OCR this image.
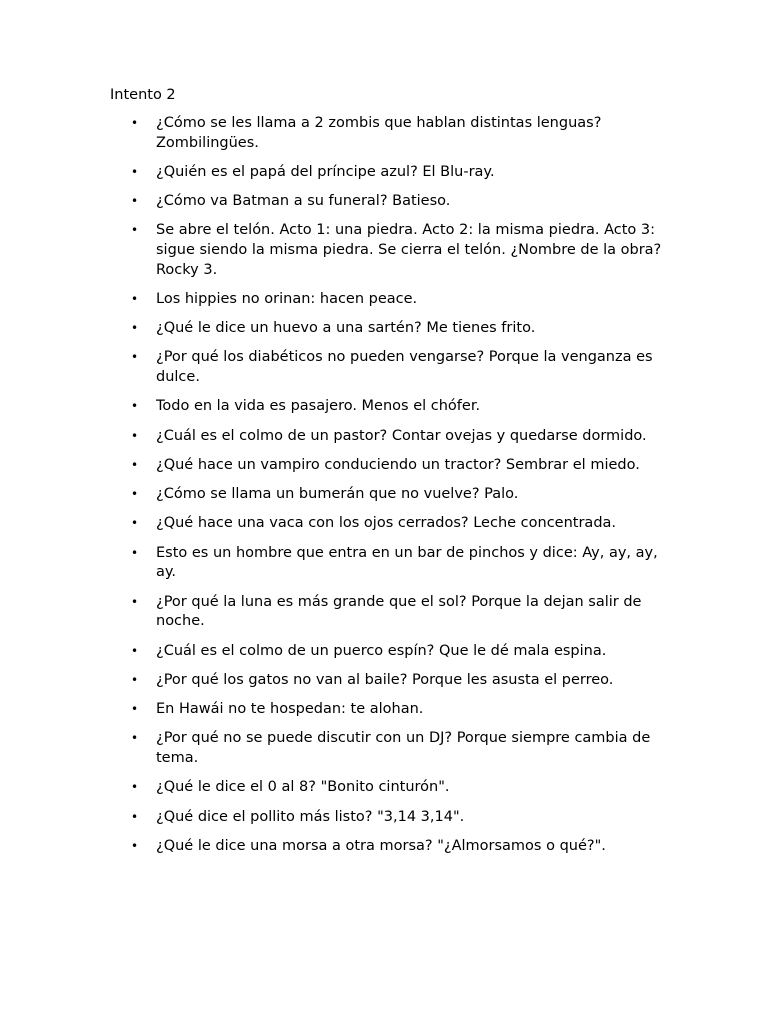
Intento 2
• ¿Cómo se les llama a 2 zombis que hablan distintas lenguas? Zombilingües.
• ¿Quién es el papá del príncipe azul? El Blu-ray.
• ¿Cómo va Batman a su funeral? Batieso.
• Se abre el telón. Acto 1: una piedra. Acto 2: la misma piedra. Acto 3: sigue siendo la misma piedra. Se cierra el telón. ¿Nombre de la obra? Rocky 3.
• Los hippies no orinan: hacen peace.
• ¿Qué le dice un huevo a una sartén? Me tienes frito.
• ¿Por qué los diabéticos no pueden vengarse? Porque la venganza es dulce.
• Todo en la vida es pasajero. Menos el chófer.
• ¿Cuál es el colmo de un pastor? Contar ovejas y quedarse dormido.
• ¿Qué hace un vampiro conduciendo un tractor? Sembrar el miedo.
• ¿Cómo se llama un bumerán que no vuelve? Palo.
• ¿Qué hace una vaca con los ojos cerrados? Leche concentrada.
• Esto es un hombre que entra en un bar de pinchos y dice: Ay, ay, ay, ay.
• ¿Por qué la luna es más grande que el sol? Porque la dejan salir de noche.
• ¿Cuál es el colmo de un puerco espín? Que le dé mala espina.
• ¿Por qué los gatos no van al baile? Porque les asusta el perreo.
• En Hawái no te hospedan: te alohan.
• ¿Por qué no se puede discutir con un DJ? Porque siempre cambia de tema.
• ¿Qué le dice el 0 al 8? "Bonito cinturón".
• ¿Qué dice el pollito más listo? "3,14 3,14".
• ¿Qué le dice una morsa a otra morsa? "¿Almorsamos o qué?".
